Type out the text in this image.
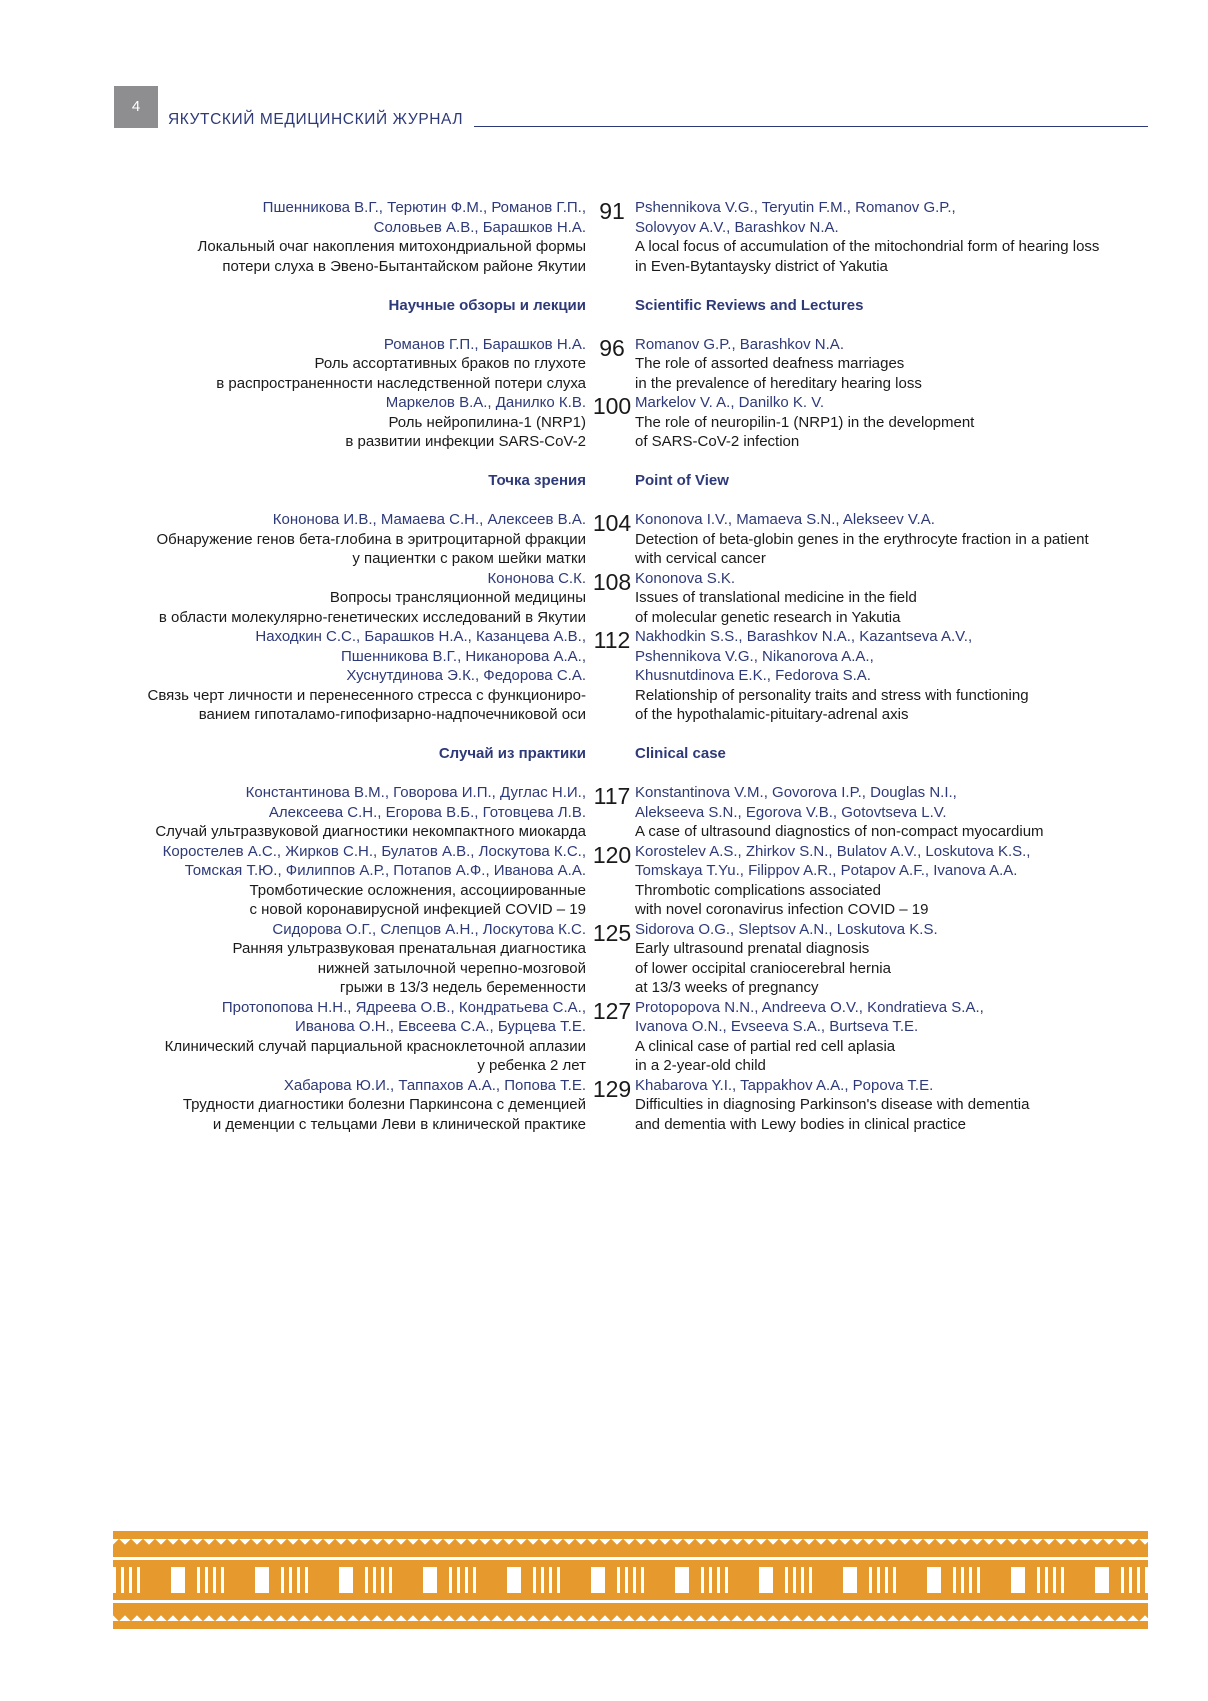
4
ЯКУТСКИЙ МЕДИЦИНСКИЙ ЖУРНАЛ
Пшенникова В.Г., Терютин Ф.М., Романов Г.П.,
Соловьев А.В., Барашков Н.А.
Локальный очаг накопления митохондриальной формы
потери слуха в Эвено-Бытантайском районе Якутии
91 Pshennikova V.G., Teryutin F.M., Romanov G.P.,
Solovyov A.V., Barashkov N.A.
A local focus of accumulation of the mitochondrial form of hearing loss
in Even-Bytantaysky district of Yakutia
Научные обзоры и лекции	Scientific Reviews and Lectures
Романов Г.П., Барашков Н.А.
Роль ассортативных браков по глухоте
в распространенности наследственной потери слуха
96 Romanov G.P., Barashkov N.A.
The role of assorted deafness marriages
in the prevalence of hereditary hearing loss
Маркелов В.А., Данилко К.В.
Роль нейропилина-1 (NRP1)
в развитии инфекции SARS-CoV-2
100 Markelov V. A., Danilko K. V.
The role of neuropilin-1 (NRP1) in the development
of SARS-CoV-2 infection
Точка зрения	Point of View
Кононова И.В., Мамаева С.Н., Алексеев В.А.
Обнаружение генов бета-глобина в эритроцитарной фракции
у пациентки с раком шейки матки
104 Kononova I.V., Mamaeva S.N., Alekseev V.A.
Detection of beta-globin genes in the erythrocyte fraction in a patient
with cervical cancer
Кононова С.К.
Вопросы трансляционной медицины
в области молекулярно-генетических исследований в Якутии
108 Kononova S.K.
Issues of translational medicine in the field
of molecular genetic research in Yakutia
Находкин С.С., Барашков Н.А., Казанцева А.В.,
Пшенникова В.Г., Никанорова А.А.,
Хуснутдинова Э.К., Федорова С.А.
Связь черт личности и перенесенного стресса с функциониро-
ванием гипоталамо-гипофизарно-надпочечниковой оси
112 Nakhodkin S.S., Barashkov N.A., Kazantseva A.V.,
Pshennikova V.G., Nikanorova A.A.,
Khusnutdinova E.K., Fedorova S.A.
Relationship of personality traits and stress with functioning
of the hypothalamic-pituitary-adrenal axis
Случай из практики	Clinical case
Константинова В.М., Говорова И.П., Дуглас Н.И.,
Алексеева С.Н., Егорова В.Б., Готовцева Л.В.
Случай ультразвуковой диагностики некомпактного миокарда
117 Konstantinova V.M., Govorova I.P., Douglas N.I.,
Alekseeva S.N., Egorova V.B., Gotovtseva L.V.
A case of ultrasound diagnostics of non-compact myocardium
Коростелев А.С., Жирков С.Н., Булатов А.В., Лоскутова К.С.,
Томская Т.Ю., Филиппов А.Р., Потапов А.Ф., Иванова А.А.
Тромботические осложнения, ассоциированные
с новой коронавирусной инфекцией COVID – 19
120 Korostelev A.S., Zhirkov S.N., Bulatov A.V., Loskutova K.S.,
Tomskaya T.Yu., Filippov A.R., Potapov A.F., Ivanova A.A.
Thrombotic complications associated
with novel coronavirus infection COVID – 19
Сидорова О.Г., Слепцов А.Н., Лоскутова К.С.
Ранняя ультразвуковая пренатальная диагностика
нижней затылочной черепно-мозговой
грыжи в 13/3 недель беременности
125 Sidorova O.G., Sleptsov A.N., Loskutova K.S.
Early ultrasound prenatal diagnosis
of lower occipital craniocerebral hernia
at 13/3 weeks of pregnancy
Протопопова Н.Н., Ядреева О.В., Кондратьева С.А.,
Иванова О.Н., Евсеева С.А., Бурцева Т.Е.
Клинический случай парциальной красноклеточной аплазии
у ребенка 2 лет
127 Protopopova N.N., Andreeva O.V., Kondratieva S.A.,
Ivanova O.N., Evseeva S.A., Burtseva T.E.
A clinical case of partial red cell aplasia
in a 2-year-old child
Хабарова Ю.И., Таппахов А.А., Попова Т.Е.
Трудности диагностики болезни Паркинсона с деменцией
и деменции с тельцами Леви в клинической практике
129 Khabarova Y.I., Tappakhov A.A., Popova T.E.
Difficulties in diagnosing Parkinson's disease with dementia
and dementia with Lewy bodies in clinical practice
